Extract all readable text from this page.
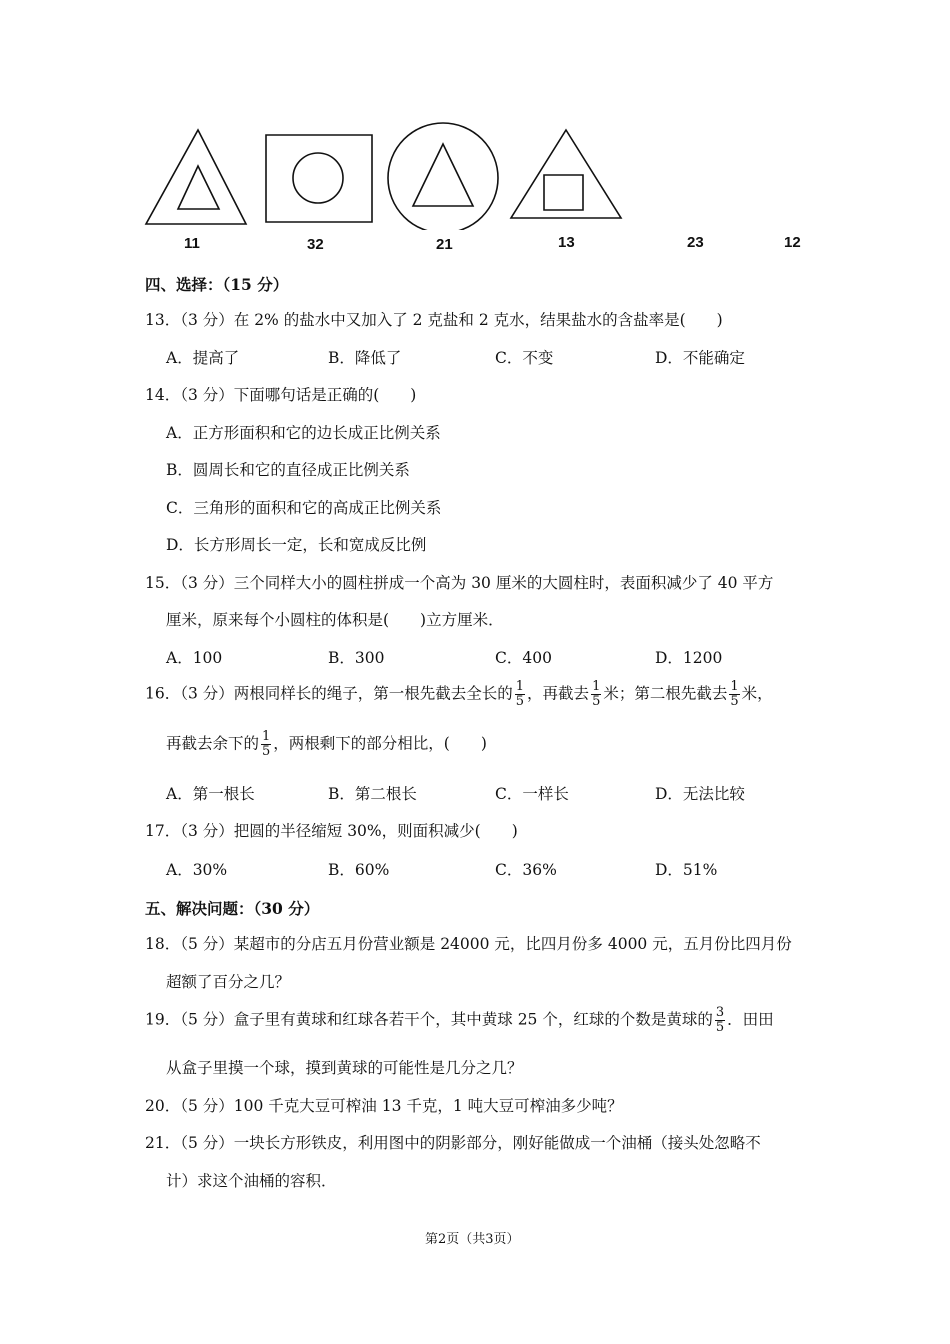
11	32	21	13	23	12
四、选择：（15 分）
13．（3 分）在 2% 的盐水中又加入了 2 克盐和 2 克水，结果盐水的含盐率是(　　)
A．提高了	B．降低了	C．不变	D．不能确定
14．（3 分）下面哪句话是正确的(　　)
A．正方形面积和它的边长成正比例关系
B．圆周长和它的直径成正比例关系
C．三角形的面积和它的高成正比例关系
D．长方形周长一定，长和宽成反比例
15．（3 分）三个同样大小的圆柱拼成一个高为 30 厘米的大圆柱时，表面积减少了 40 平方
厘米，原来每个小圆柱的体积是(　　)立方厘米．
A．100	B．300	C．400	D．1200
16．（3 分）两根同样长的绳子，第一根先截去全长的 $\frac{1}{5}$ ，再截去 $\frac{1}{5}$ 米；第二根先截去 $\frac{1}{5}$ 米，
再截去余下的 $\frac{1}{5}$ ，两根剩下的部分相比，(　　)
A．第一根长	B．第二根长	C．一样长	D．无法比较
17．（3 分）把圆的半径缩短 30%，则面积减少(　　)
A．30%	B．60%	C．36%	D．51%
五、解决问题：（30 分）
18．（5 分）某超市的分店五月份营业额是 24000 元，比四月份多 4000 元，五月份比四月份
超额了百分之几？
19．（5 分）盒子里有黄球和红球各若干个，其中黄球 25 个，红球的个数是黄球的 $\frac{3}{5}$ ．田田
从盒子里摸一个球，摸到黄球的可能性是几分之几？
20．（5 分）100 千克大豆可榨油 13 千克，1 吨大豆可榨油多少吨？
21．（5 分）一块长方形铁皮，利用图中的阴影部分，刚好能做成一个油桶（接头处忽略不
计）求这个油桶的容积．
第2页（共3页）
